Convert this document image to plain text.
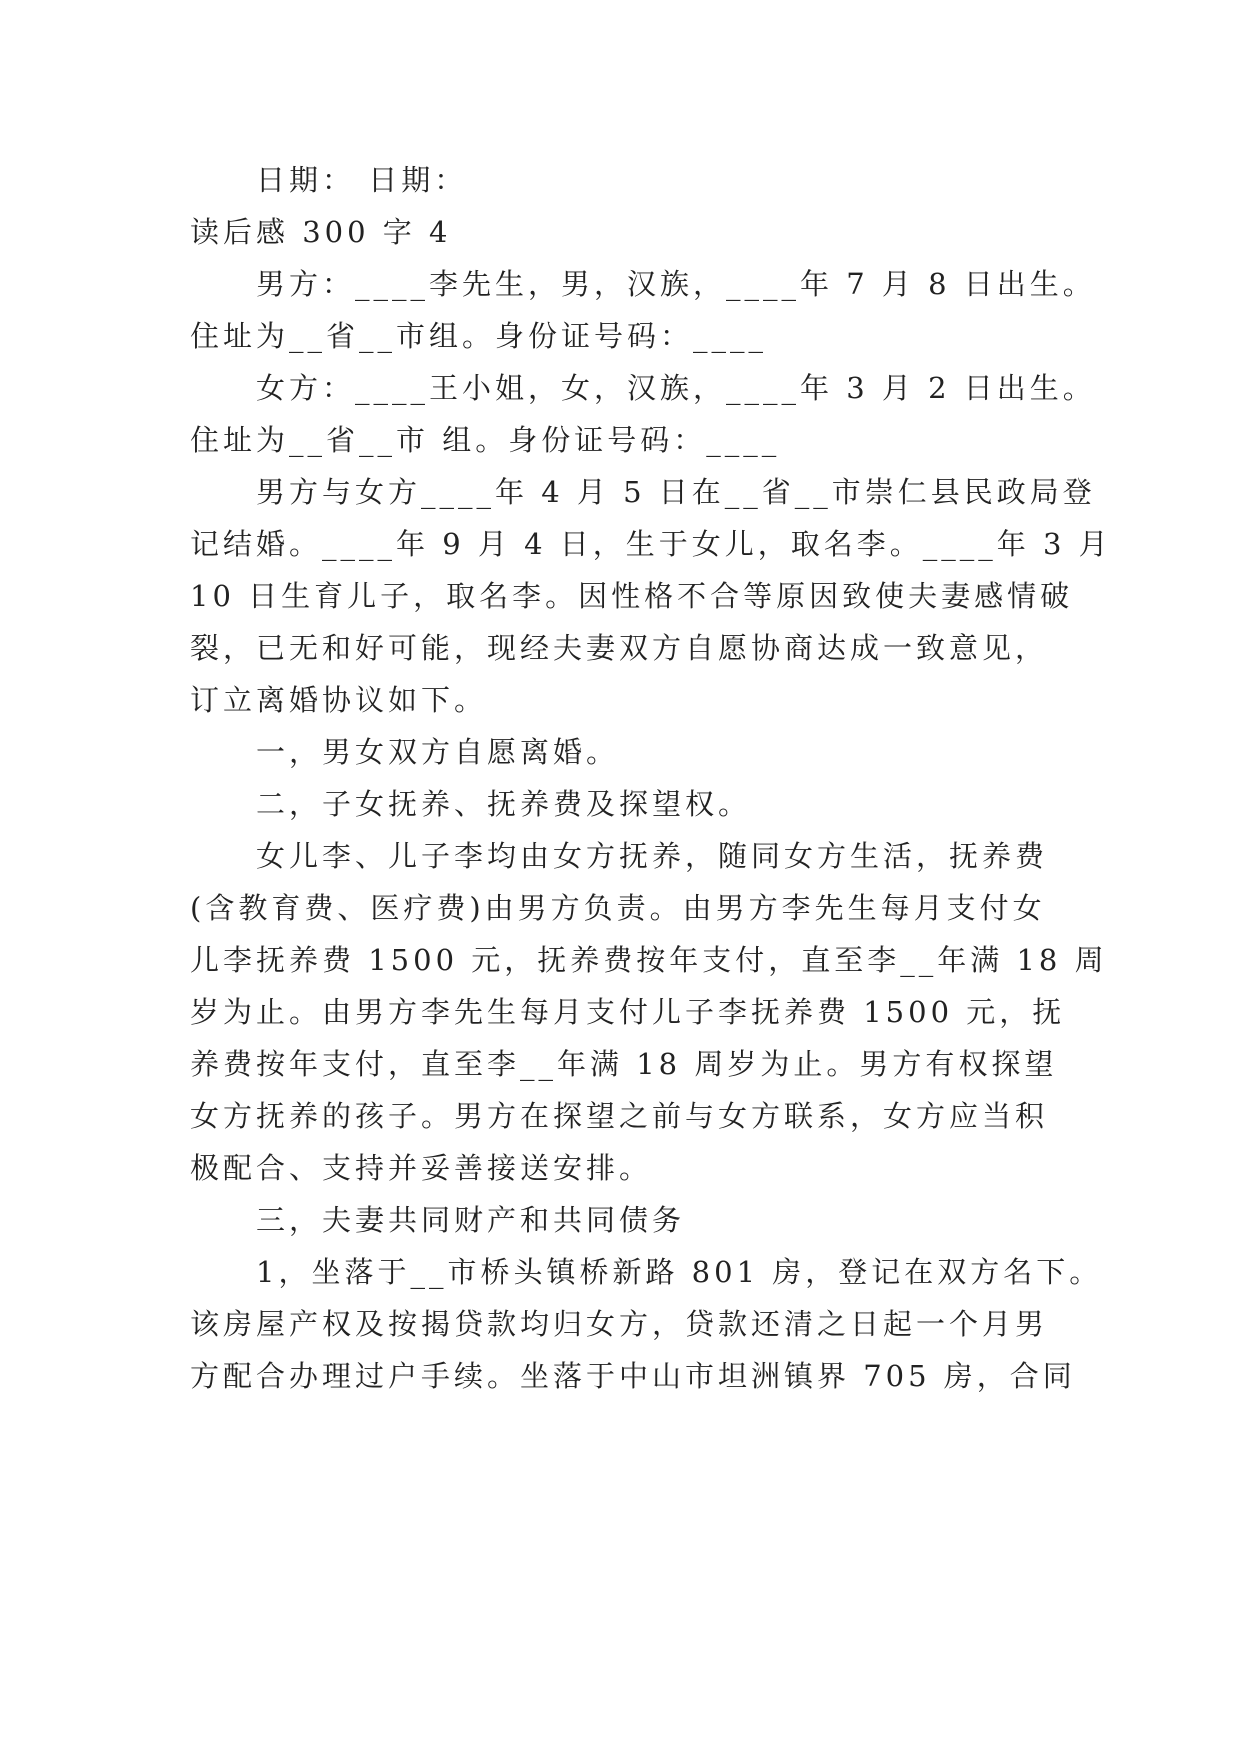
日期： 日期：
读后感 300 字 4
男方：____李先生，男，汉族，____年 7 月 8 日出生。
住址为__省__市组。身份证号码：____
女方：____王小姐，女，汉族，____年 3 月 2 日出生。
住址为__省__市 组。身份证号码：____
男方与女方____年 4 月 5 日在__省__市崇仁县民政局登
记结婚。____年 9 月 4 日，生于女儿，取名李。____年 3 月
10 日生育儿子，取名李。因性格不合等原因致使夫妻感情破
裂，已无和好可能，现经夫妻双方自愿协商达成一致意见，
订立离婚协议如下。
一，男女双方自愿离婚。
二，子女抚养、抚养费及探望权。
女儿李、儿子李均由女方抚养，随同女方生活，抚养费
(含教育费、医疗费)由男方负责。由男方李先生每月支付女
儿李抚养费 1500 元，抚养费按年支付，直至李__年满 18 周
岁为止。由男方李先生每月支付儿子李抚养费 1500 元，抚
养费按年支付，直至李__年满 18 周岁为止。男方有权探望
女方抚养的孩子。男方在探望之前与女方联系，女方应当积
极配合、支持并妥善接送安排。
三，夫妻共同财产和共同债务
1，坐落于__市桥头镇桥新路 801 房，登记在双方名下。
该房屋产权及按揭贷款均归女方，贷款还清之日起一个月男
方配合办理过户手续。坐落于中山市坦洲镇界 705 房，合同
